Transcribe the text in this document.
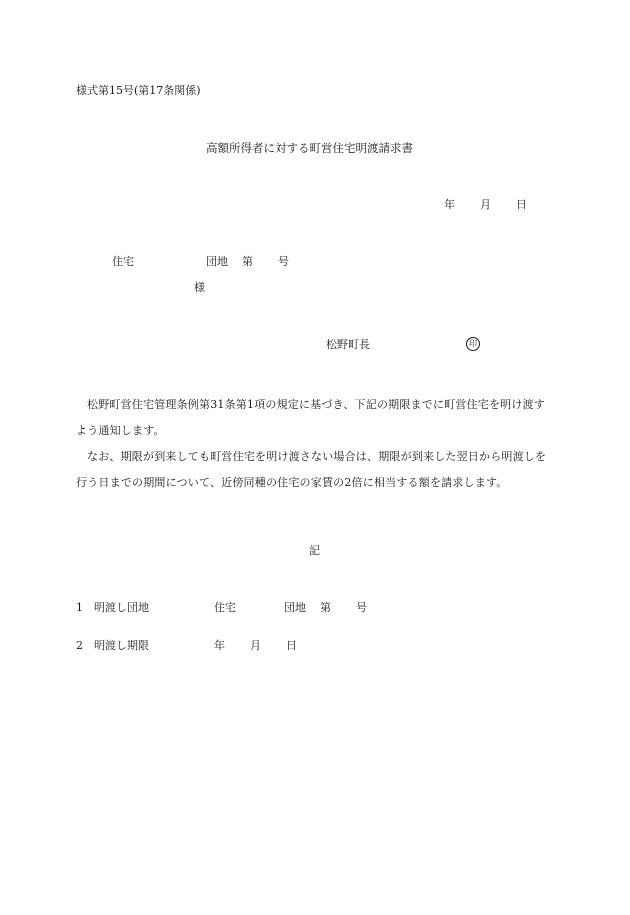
様式第15号(第17条関係)
高額所得者に対する町営住宅明渡請求書
年 月 日
住宅	団地 第 号
様
松野町長	印
松野町営住宅管理条例第31条第1項の規定に基づき、下記の期限までに町営住宅を明け渡すよう通知します。
なお、期限が到来しても町営住宅を明け渡さない場合は、期限が到来した翌日から明渡しを行う日までの期間について、近傍同種の住宅の家賃の2倍に相当する額を請求します。
記
1 明渡し団地	住宅	団地 第 号
2 明渡し期限	年 月 日
